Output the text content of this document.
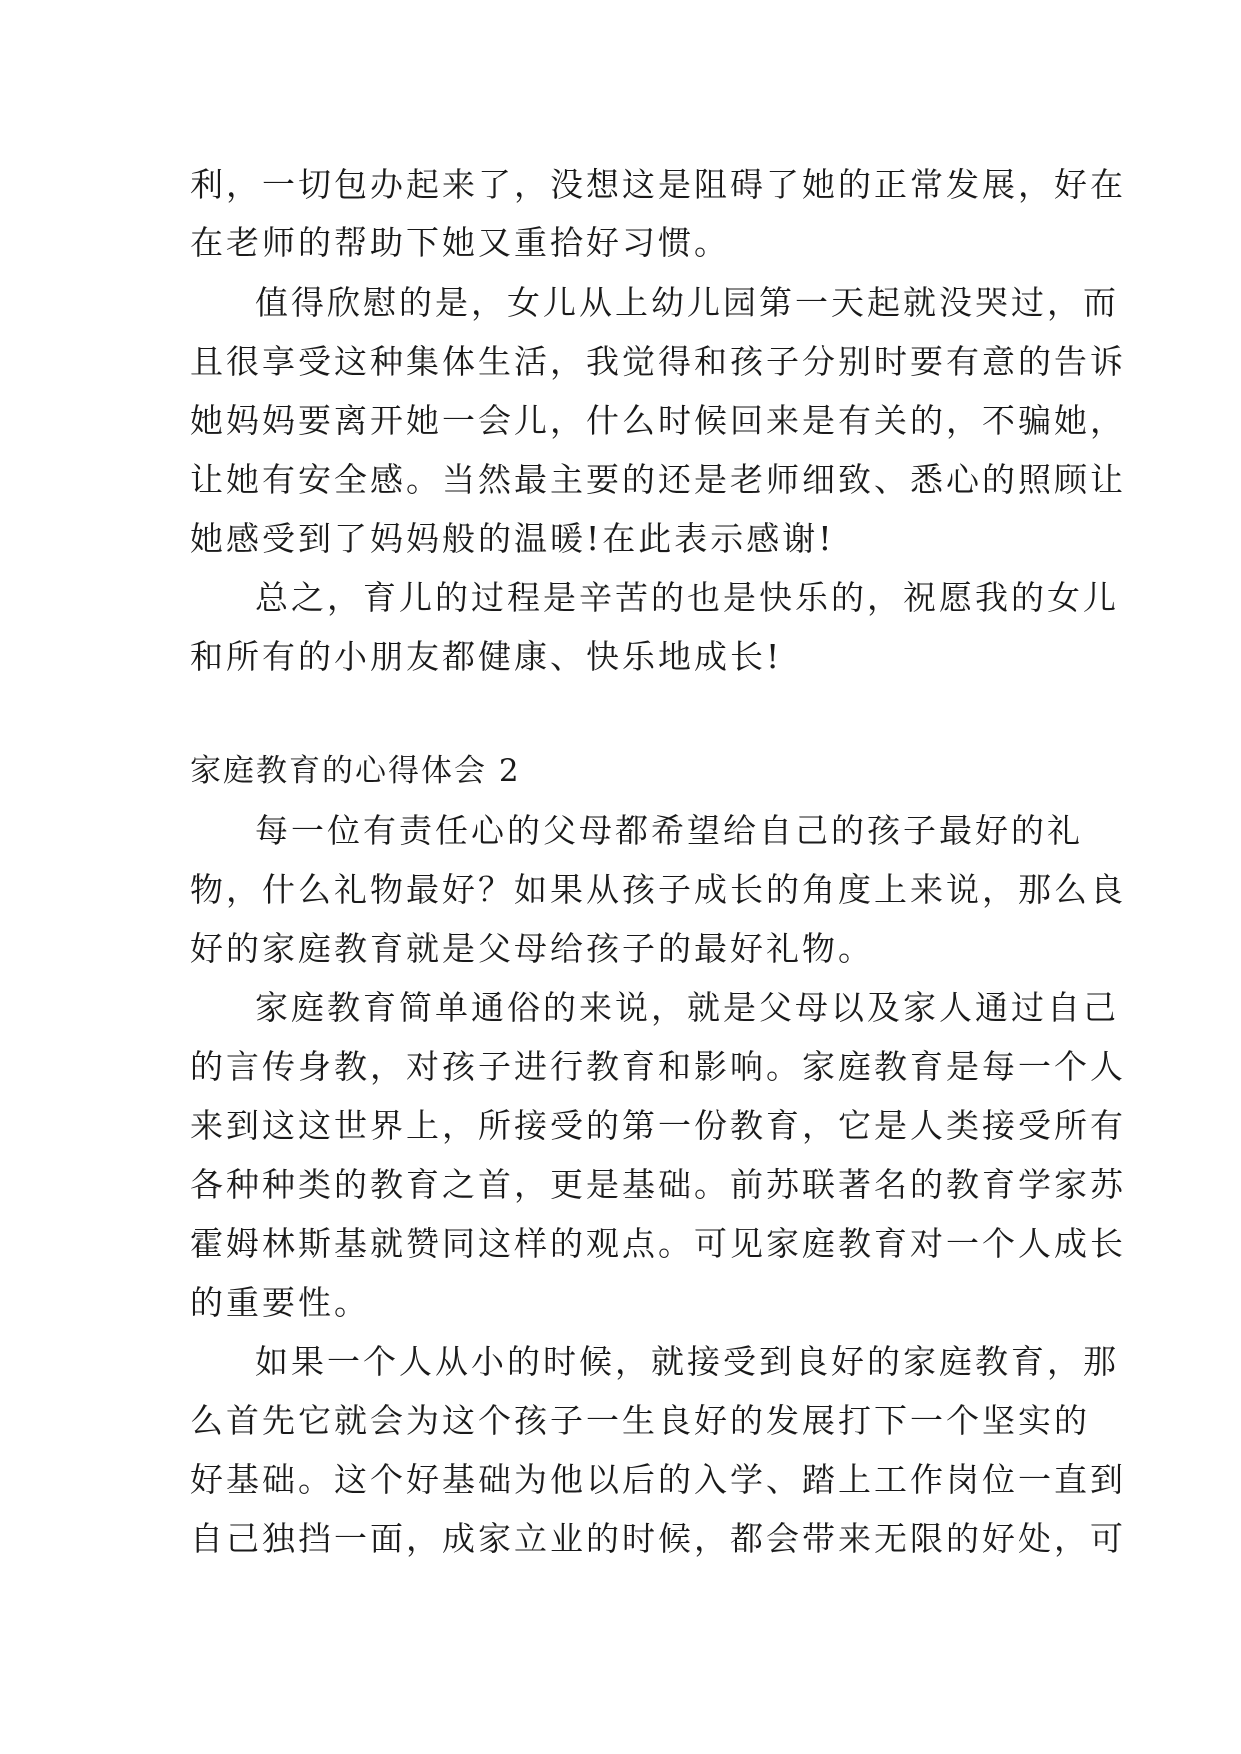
利，一切包办起来了，没想这是阻碍了她的正常发展，好在
在老师的帮助下她又重拾好习惯。
值得欣慰的是，女儿从上幼儿园第一天起就没哭过，而
且很享受这种集体生活，我觉得和孩子分别时要有意的告诉
她妈妈要离开她一会儿，什么时候回来是有关的，不骗她，
让她有安全感。当然最主要的还是老师细致、悉心的照顾让
她感受到了妈妈般的温暖!在此表示感谢!
总之，育儿的过程是辛苦的也是快乐的，祝愿我的女儿
和所有的小朋友都健康、快乐地成长!
家庭教育的心得体会 2
每一位有责任心的父母都希望给自己的孩子最好的礼
物，什么礼物最好？如果从孩子成长的角度上来说，那么良
好的家庭教育就是父母给孩子的最好礼物。
家庭教育简单通俗的来说，就是父母以及家人通过自己
的言传身教，对孩子进行教育和影响。家庭教育是每一个人
来到这这世界上，所接受的第一份教育，它是人类接受所有
各种种类的教育之首，更是基础。前苏联著名的教育学家苏
霍姆林斯基就赞同这样的观点。可见家庭教育对一个人成长
的重要性。
如果一个人从小的时候，就接受到良好的家庭教育，那
么首先它就会为这个孩子一生良好的发展打下一个坚实的
好基础。这个好基础为他以后的入学、踏上工作岗位一直到
自己独挡一面，成家立业的时候，都会带来无限的好处，可
